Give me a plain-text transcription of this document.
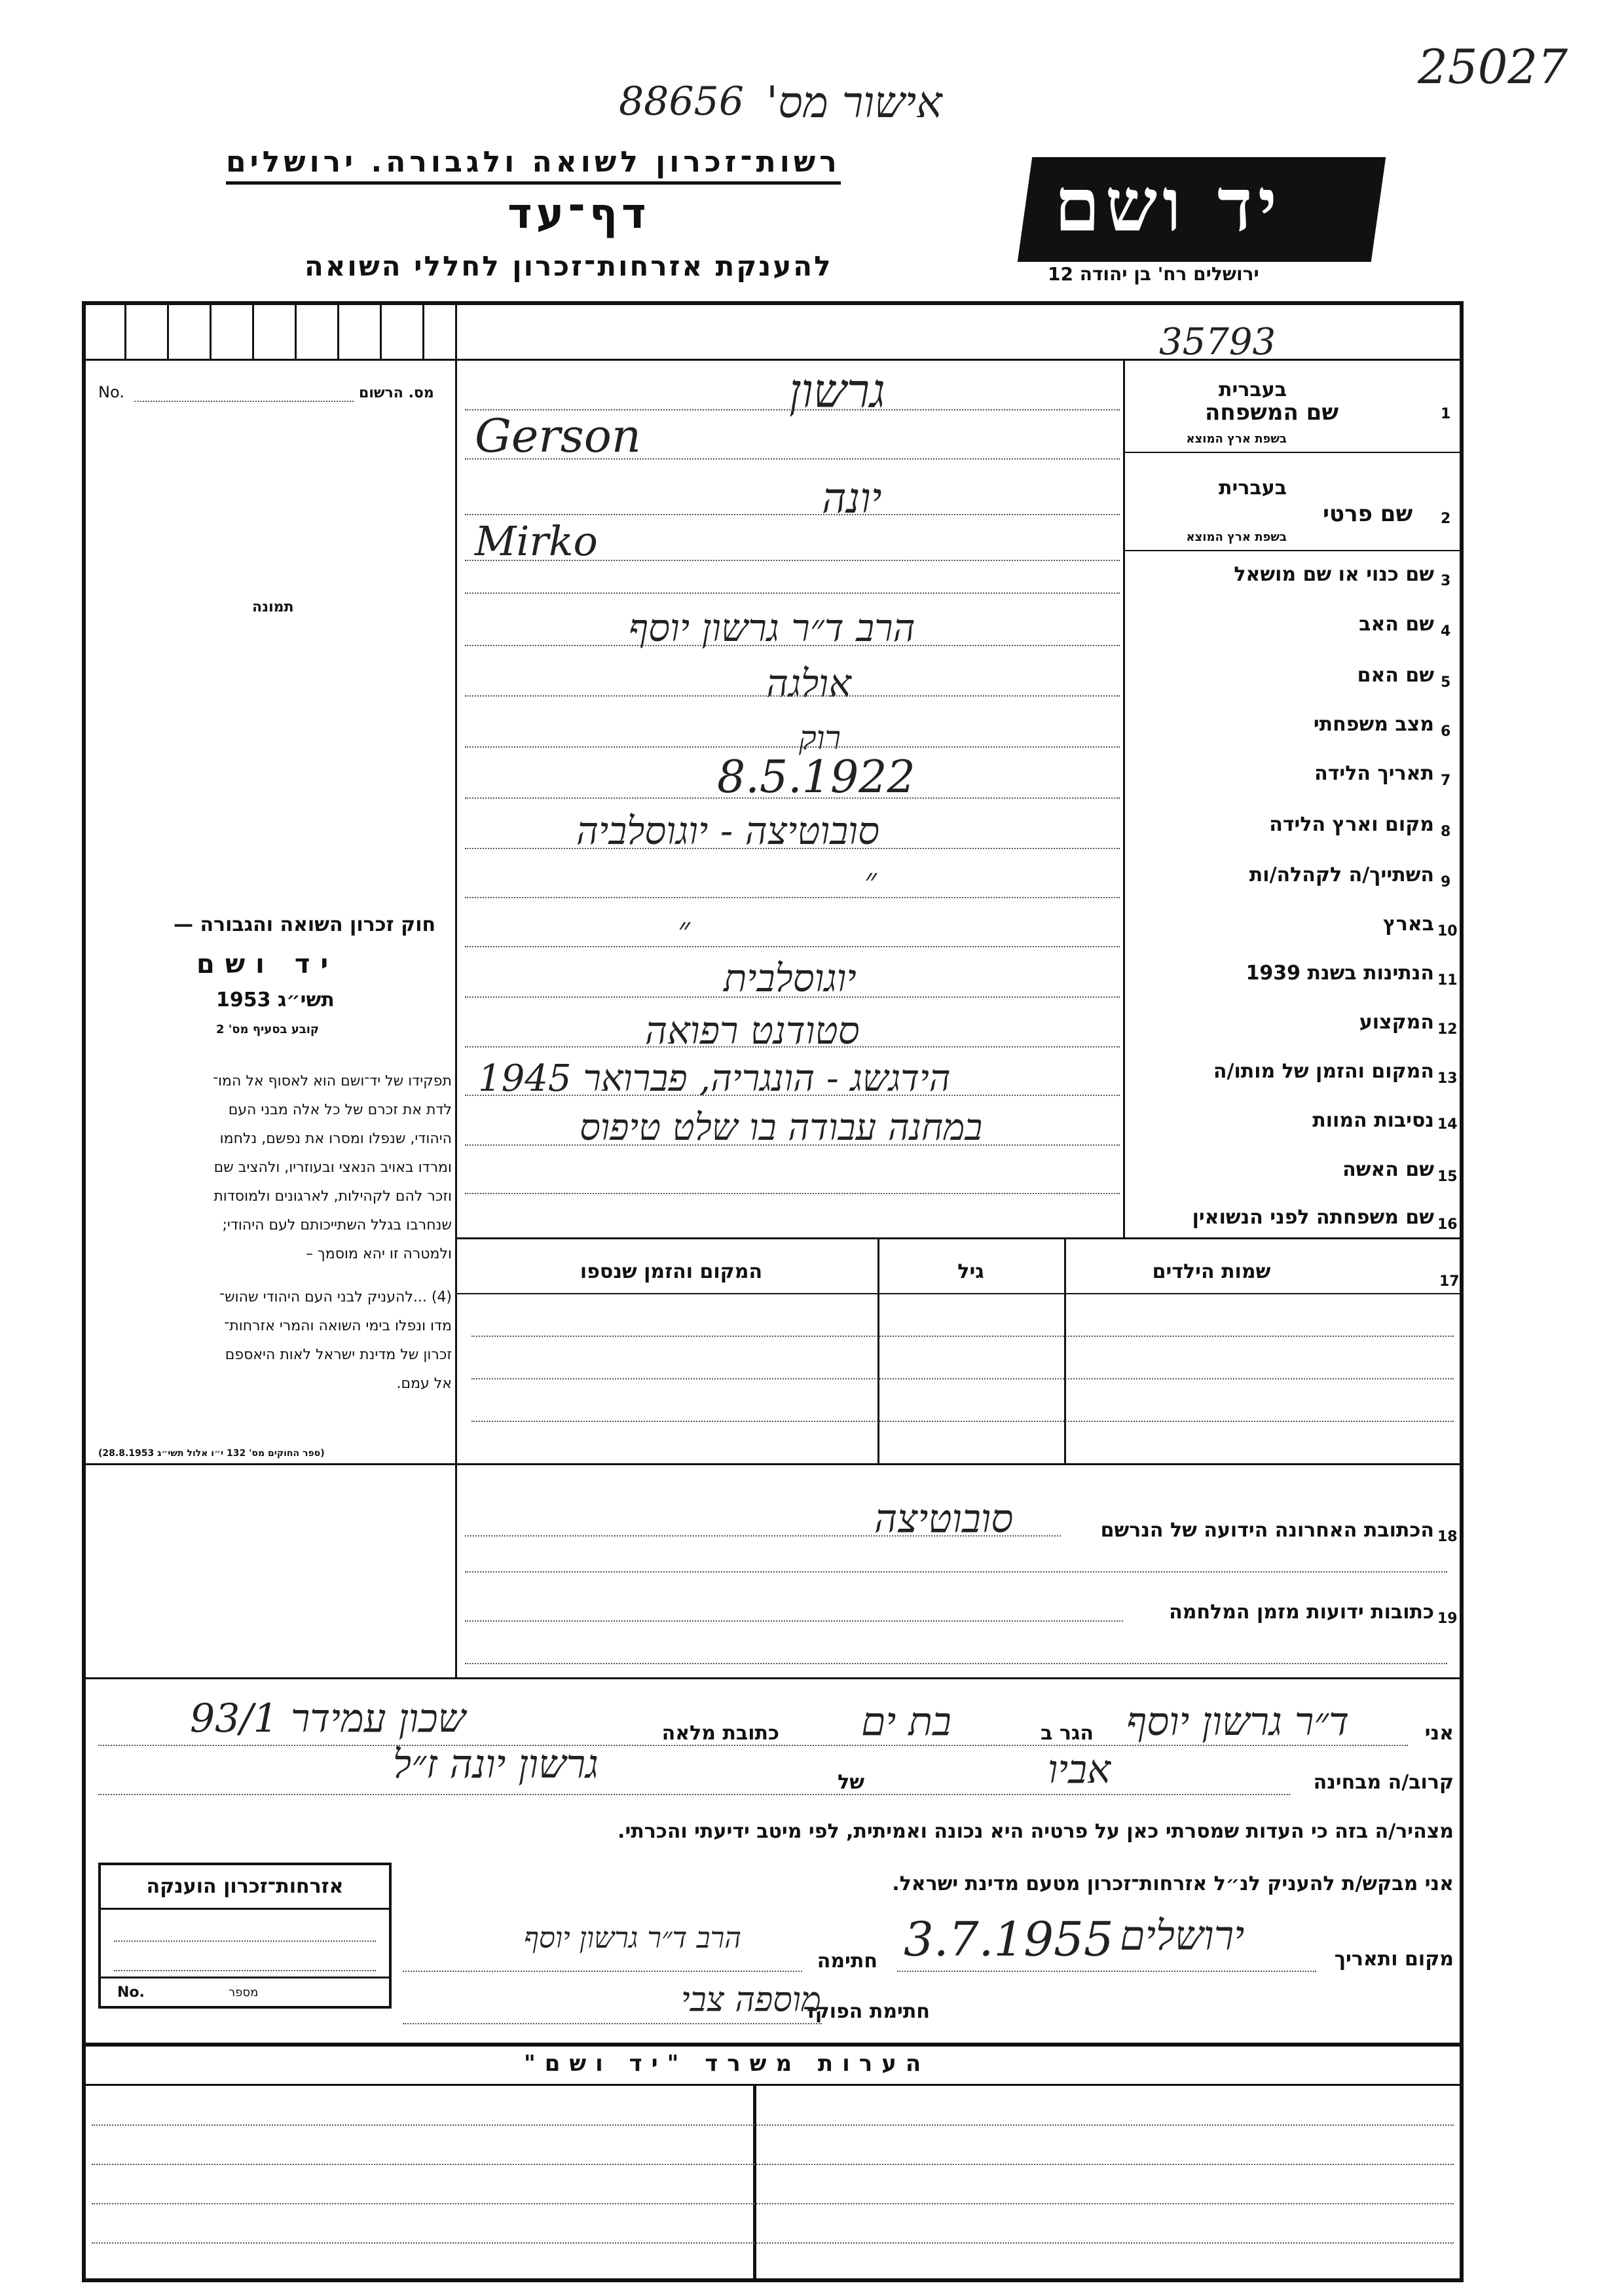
25027
88656 אישור מס'
רשות־זכרון לשואה ולגבורה. ירושלים
דף־עד
להענקת אזרחות־זכרון לחללי השואה
יד ושם
ירושלים רח' בן יהודה 12
35793
No.	מס. הרשום
תמונה
חוק זכרון השואה והגבורה —
יד ושם
תשי״ג 1953
קובע בסעיף מס' 2
תפקידו של יד־ושם הוא לאסוף אל המו־
לדת את זכרם של כל אלה מבני העם
היהודי, שנפלו ומסרו את נפשם, נלחמו
ומרדו באויב הנאצי ובעוזריו, ולהציב שם
וזכר להם לקהילות, לארגונים ולמוסדות
שנחרבו בגלל השתייכותם לעם היהודי;
ולמטרה זו יהא מוסמך –
(4) ...להעניק לבני העם היהודי שהוש־
מדו ונפלו בימי השואה והמרי אזרחות־
זכרון של מדינת ישראל לאות היאספם
אל עמם.
(ספר החוקים מס' 132 י״ו אלול תשי״ג 28.8.1953)
1
שם המשפחה
בעברית
בשפת ארץ המוצא
גרשון
Gerson
2
שם פרטי
בעברית
בשפת ארץ המוצא
יונה
Mirko
3
שם כנוי או שם מושאל
4
שם האב
הרב ד״ר גרשון יוסף
5
שם האם
אולגה
6
מצב משפחתי
רוק
7
תאריך הלידה
8.5.1922
8
מקום וארץ הלידה
סובוטיצה - יוגוסלביה
9
השתייך/ה לקהלה/ות
״
10
בארץ
״
11
הנתינות בשנת 1939
יוגוסלבית
12
המקצוע
סטודנט רפואה
13
המקום והזמן של מותו/ה
הידגשג - הונגריה, פברואר 1945
14
נסיבות המוות
במחנה עבודה בו שלט טיפוס
15
שם האשה
16
שם משפחתה לפני הנשואין
17
שמות הילדים
גיל
המקום והזמן שנספו
18
הכתובת האחרונה הידועה של הנרשם
סובוטיצה
19
כתובות ידועות מזמן המלחמה
אני
ד״ר גרשון יוסף
הגר ב
בת ים
כתובת מלאה
שכון עמידר 93/1
קרוב/ה מבחינה
אביו
של
גרשון יונה ז״ל
מצהיר/ה בזה כי העדות שמסרתי כאן על פרטיה היא נכונה ואמיתית, לפי מיטב ידיעתי והכרתי.
אני מבקש/ת להעניק לנ״ל אזרחות־זכרון מטעם מדינת ישראל.
אזרחות־זכרון הוענקה
No.	מספר
מקום ותאריך
ירושלים
3.7.1955
חתימה
הרב ד״ר גרשון יוסף
חתימת הפוקד
מוספה צבי
הערות משרד "יד ושם"
